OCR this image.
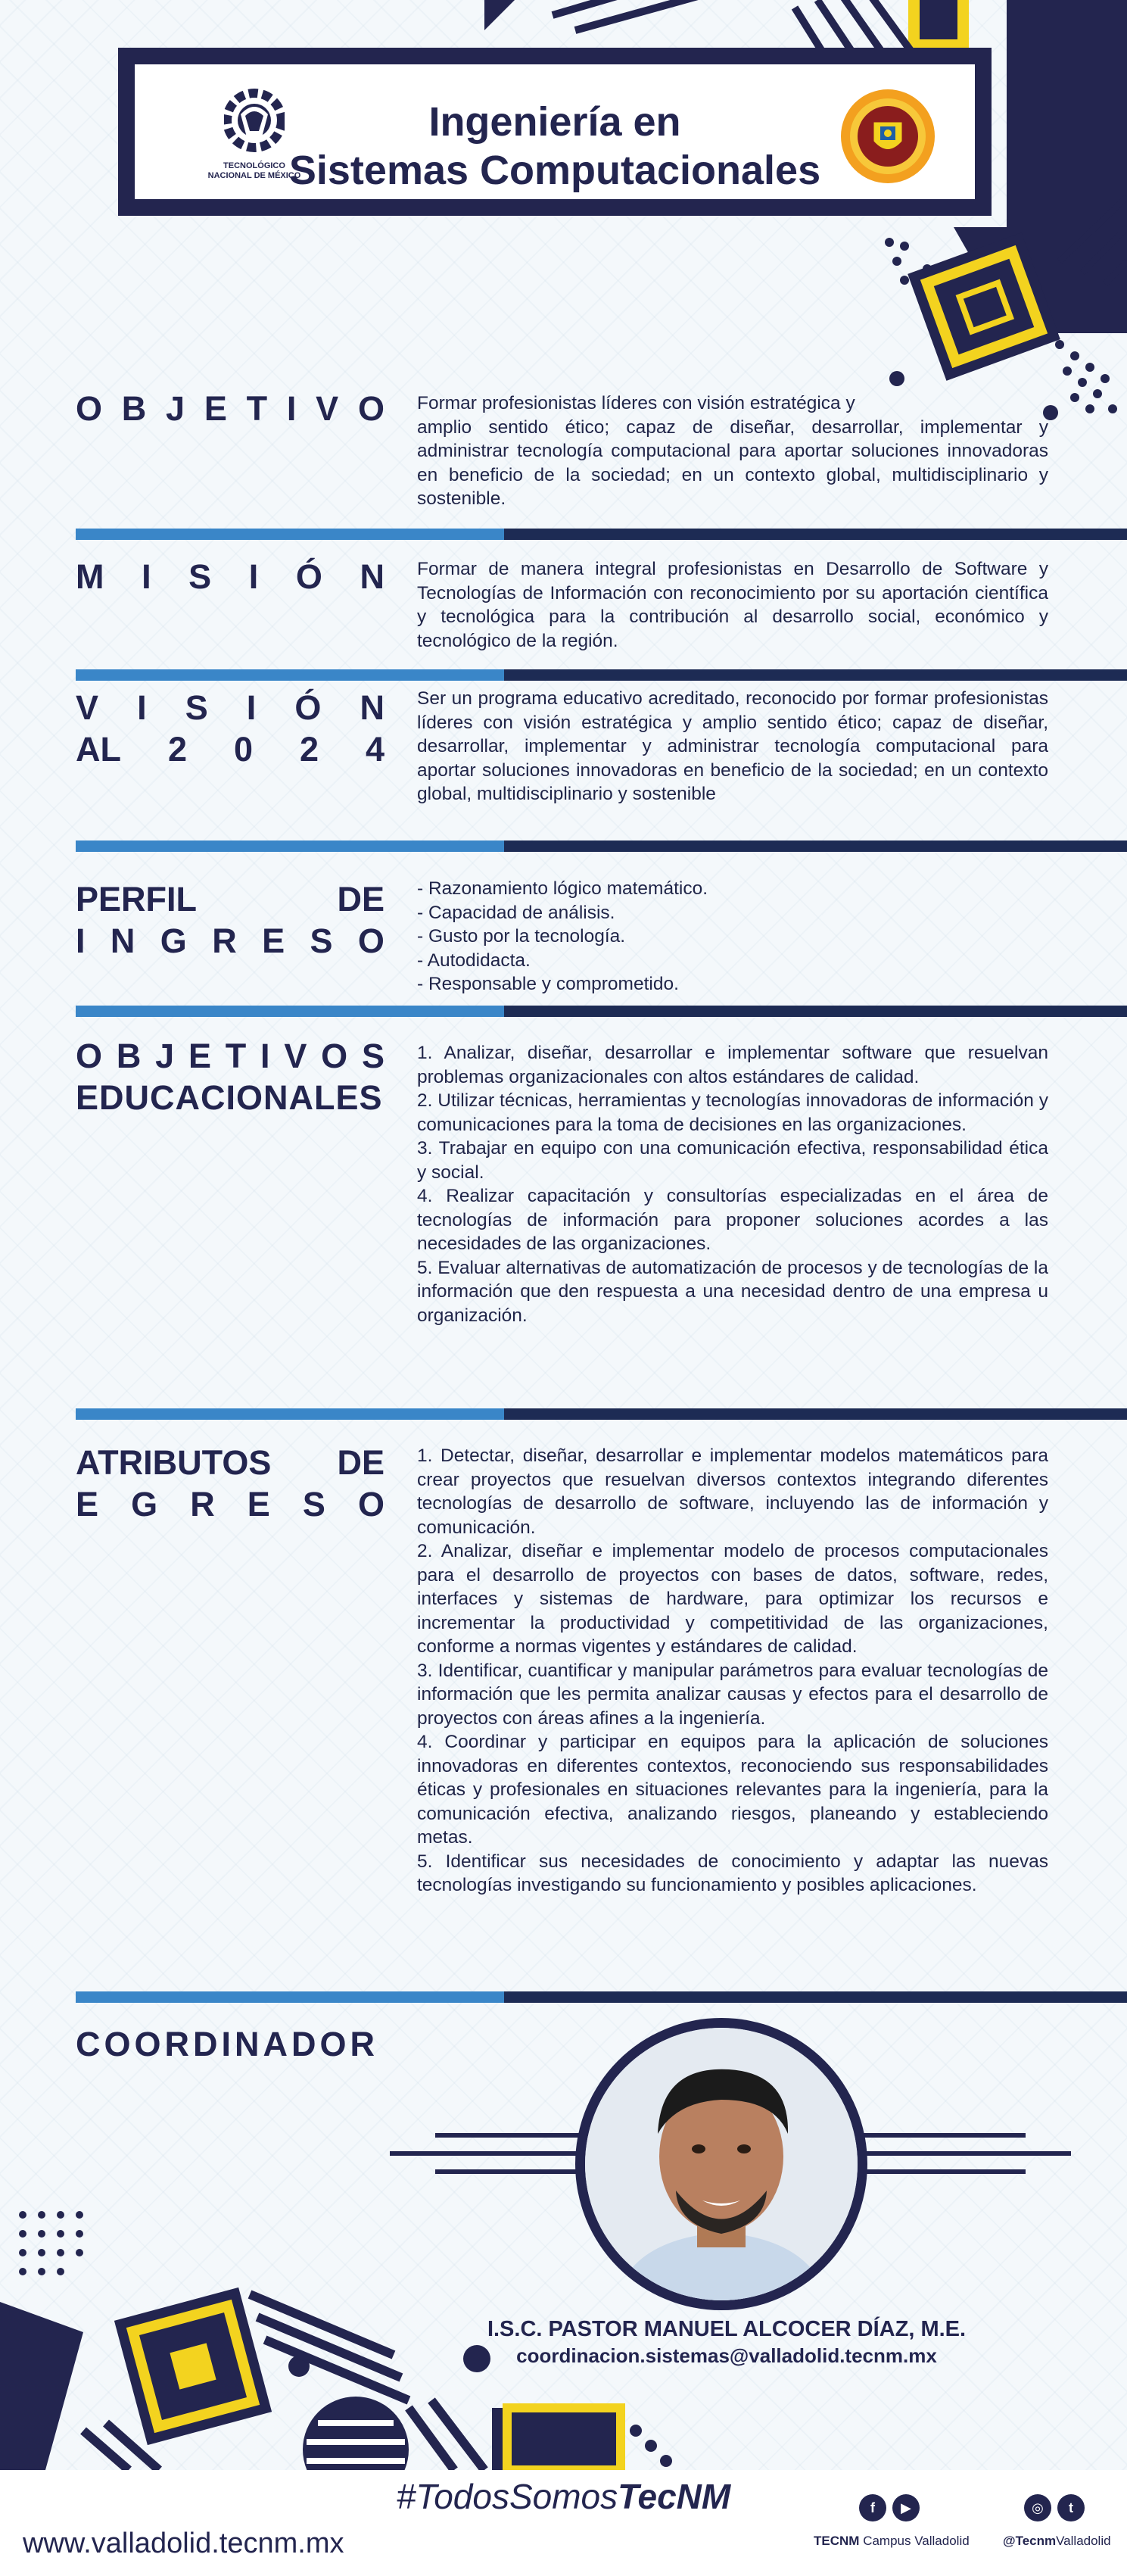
TECNOLÓGICO
NACIONAL DE MÉXICO
Ingeniería en
Sistemas Computacionales
O B J E T I V O Formar profesionistas líderes con visión estratégica y
amplio sentido ético; capaz de diseñar, desarrollar, implementar y administrar tecnología computacional para aportar soluciones innovadoras en beneficio de la sociedad; en un contexto global, multidisciplinario y sostenible.
M I S I Ó N Formar de manera integral profesionistas en Desarrollo de Software y Tecnologías de Información con reconocimiento por su aportación científica y tecnológica para la contribución al desarrollo social, económico y tecnológico de la región.
V I S I Ó N
AL 2 0 2 4
Ser un programa educativo acreditado, reconocido por formar profesionistas líderes con visión estratégica y amplio sentido ético; capaz de diseñar, desarrollar, implementar y administrar tecnología computacional para aportar soluciones innovadoras en beneficio de la sociedad; en un contexto global, multidisciplinario y sostenible
PERFIL	DE
I N G R E S O
- Razonamiento lógico matemático.
- Capacidad de análisis.
- Gusto por la tecnología.
- Autodidacta.
- Responsable y comprometido.
O B J E T I V O S
EDUCACIONALES
1. Analizar, diseñar, desarrollar e implementar software que resuelvan problemas organizacionales con altos estándares de calidad.
2. Utilizar técnicas, herramientas y tecnologías innovadoras de información y comunicaciones para la toma de decisiones en las organizaciones.
3. Trabajar en equipo con una comunicación efectiva, responsabilidad ética y social.
4. Realizar capacitación y consultorías especializadas en el área de tecnologías de información para proponer soluciones acordes a las necesidades de las organizaciones.
5. Evaluar alternativas de automatización de procesos y de tecnologías de la información que den respuesta a una necesidad dentro de una empresa u organización.
ATRIBUTOS DE
E G R E S O
1. Detectar, diseñar, desarrollar e implementar modelos matemáticos para crear proyectos que resuelvan diversos contextos integrando diferentes tecnologías de desarrollo de software, incluyendo las de información y comunicación.
2. Analizar, diseñar e implementar modelo de procesos computacionales para el desarrollo de proyectos con bases de datos, software, redes, interfaces y sistemas de hardware, para optimizar los recursos e incrementar la productividad y competitividad de las organizaciones, conforme a normas vigentes y estándares de calidad.
3. Identificar, cuantificar y manipular parámetros para evaluar tecnologías de información que les permita analizar causas y efectos para el desarrollo de proyectos con áreas afines a la ingeniería.
4. Coordinar y participar en equipos para la aplicación de soluciones innovadoras en diferentes contextos, reconociendo sus responsabilidades éticas y profesionales en situaciones relevantes para la ingeniería, para la comunicación efectiva, analizando riesgos, planeando y estableciendo metas.
5. Identificar sus necesidades de conocimiento y adaptar las nuevas tecnologías investigando su funcionamiento y posibles aplicaciones.
COORDINADOR
I.S.C. PASTOR MANUEL ALCOCER DÍAZ, M.E.
coordinacion.sistemas@valladolid.tecnm.mx
#TodosSomosTecNM
www.valladolid.tecnm.mx
f	▶
TECNM Campus Valladolid
◎	t
@TecnmValladolid
